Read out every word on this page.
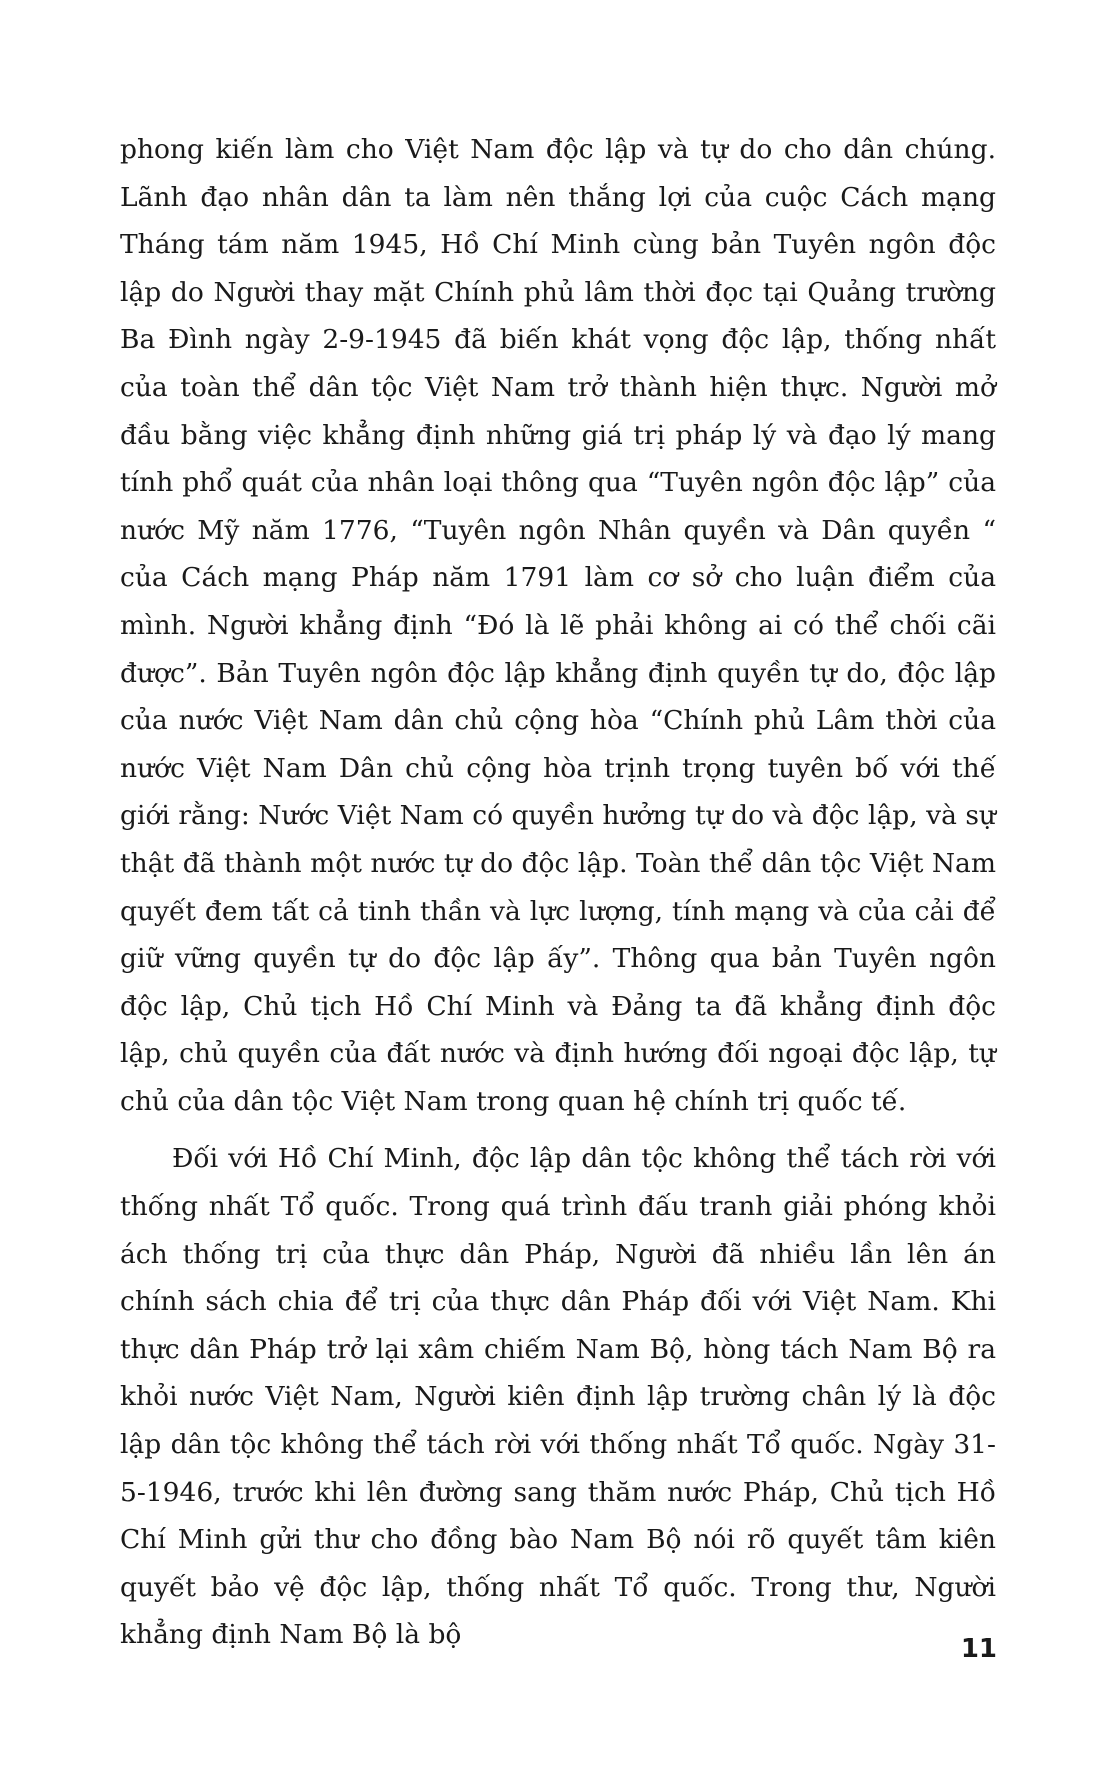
phong kiến làm cho Việt Nam độc lập và tự do cho dân chúng. Lãnh đạo nhân dân ta làm nên thắng lợi của cuộc Cách mạng Tháng tám năm 1945, Hồ Chí Minh cùng bản Tuyên ngôn độc lập do Người thay mặt Chính phủ lâm thời đọc tại Quảng trường Ba Đình ngày 2-9-1945 đã biến khát vọng độc lập, thống nhất của toàn thể dân tộc Việt Nam trở thành hiện thực. Người mở đầu bằng việc khẳng định những giá trị pháp lý và đạo lý mang tính phổ quát của nhân loại thông qua “Tuyên ngôn độc lập” của nước Mỹ năm 1776, “Tuyên ngôn Nhân quyền và Dân quyền “ của Cách mạng Pháp năm 1791 làm cơ sở cho luận điểm của mình. Người khẳng định “Đó là lẽ phải không ai có thể chối cãi được”. Bản Tuyên ngôn độc lập khẳng định quyền tự do, độc lập của nước Việt Nam dân chủ cộng hòa “Chính phủ Lâm thời của nước Việt Nam Dân chủ cộng hòa trịnh trọng tuyên bố với thế giới rằng: Nước Việt Nam có quyền hưởng tự do và độc lập, và sự thật đã thành một nước tự do độc lập. Toàn thể dân tộc Việt Nam quyết đem tất cả tinh thần và lực lượng, tính mạng và của cải để giữ vững quyền tự do độc lập ấy”. Thông qua bản Tuyên ngôn độc lập, Chủ tịch Hồ Chí Minh và Đảng ta đã khẳng định độc lập, chủ quyền của đất nước và định hướng đối ngoại độc lập, tự chủ của dân tộc Việt Nam trong quan hệ chính trị quốc tế.

Đối với Hồ Chí Minh, độc lập dân tộc không thể tách rời với thống nhất Tổ quốc. Trong quá trình đấu tranh giải phóng khỏi ách thống trị của thực dân Pháp, Người đã nhiều lần lên án chính sách chia để trị của thực dân Pháp đối với Việt Nam. Khi thực dân Pháp trở lại xâm chiếm Nam Bộ, hòng tách Nam Bộ ra khỏi nước Việt Nam, Người kiên định lập trường chân lý là độc lập dân tộc không thể tách rời với thống nhất Tổ quốc. Ngày 31-5-1946, trước khi lên đường sang thăm nước Pháp, Chủ tịch Hồ Chí Minh gửi thư cho đồng bào Nam Bộ nói rõ quyết tâm kiên quyết bảo vệ độc lập, thống nhất Tổ quốc. Trong thư, Người khẳng định Nam Bộ là bộ	11
